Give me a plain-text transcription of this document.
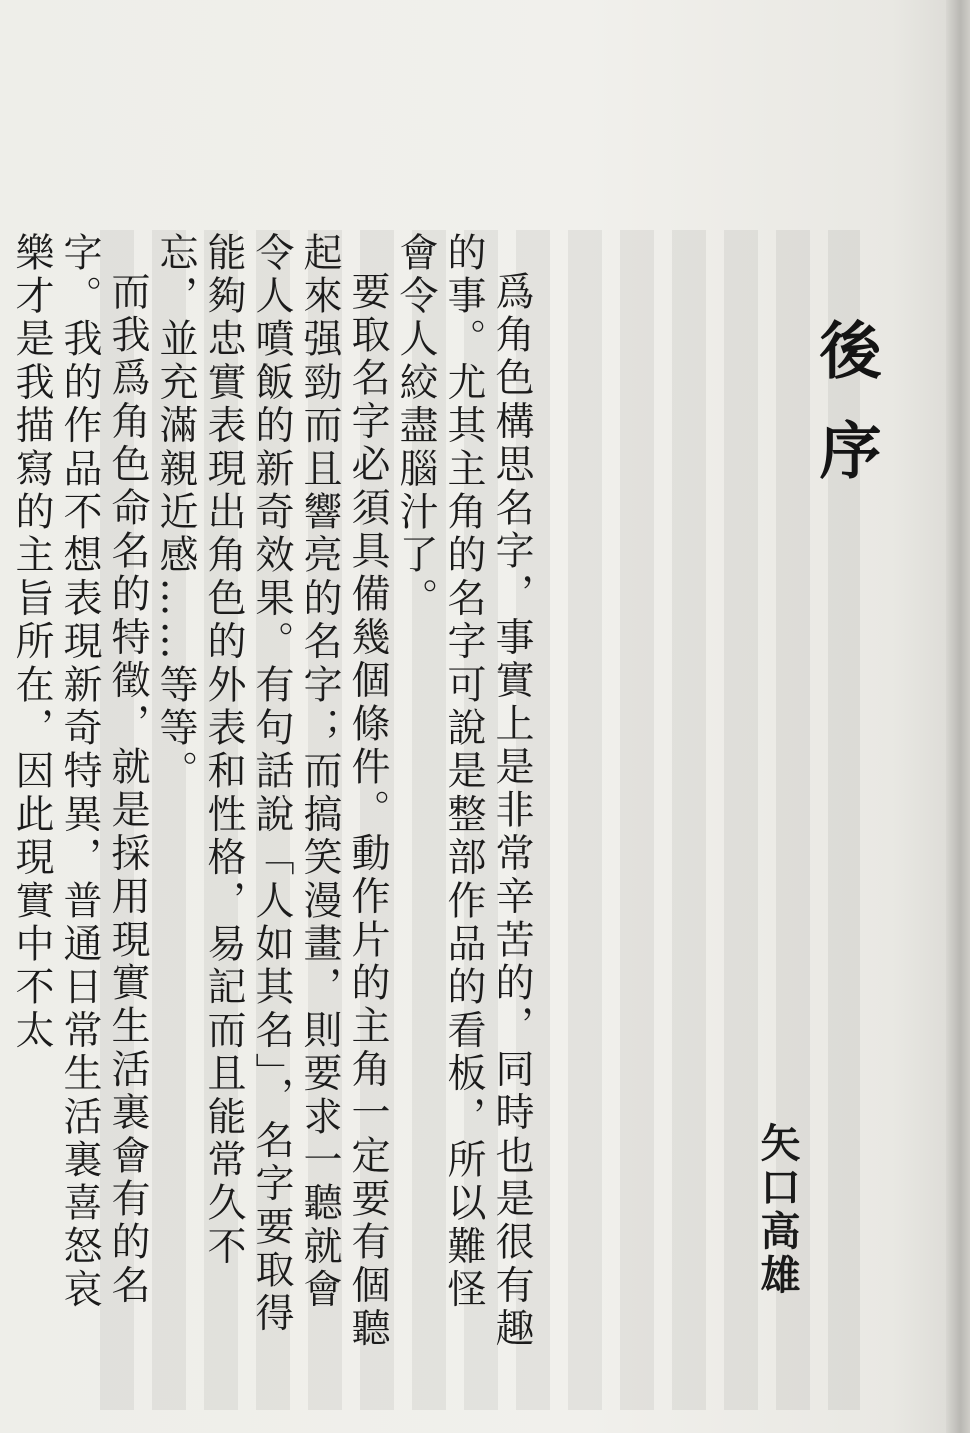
後序
矢口高雄

爲角色構思名字，事實上是非常辛苦的，同時也是很有趣的事。尤其主角的名字可說是整部作品的看板，所以難怪會令人絞盡腦汁了。

要取名字必須具備幾個條件。動作片的主角一定要有個聽起來强勁而且響亮的名字；而搞笑漫畫，則要求一聽就會令人噴飯的新奇效果。有句話說「人如其名」，名字要取得能夠忠實表現出角色的外表和性格，易記而且能常久不忘，並充滿親近感……等等。

而我爲角色命名的特徵，就是採用現實生活裏會有的名字。我的作品不想表現新奇特異，普通日常生活裏喜怒哀樂才是我描寫的主旨所在，因此現實中不太
